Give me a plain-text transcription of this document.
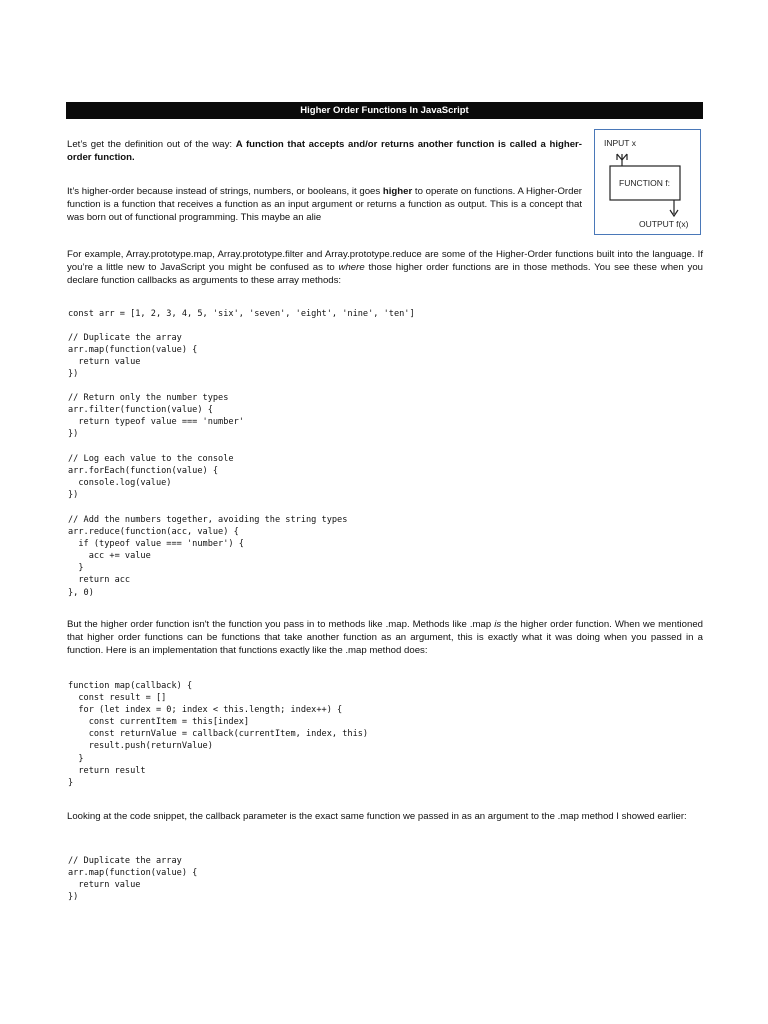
Higher Order Functions In JavaScript

Let’s get the definition out of the way: A function that accepts and/or returns another function is called a higher-order function.

It’s higher-order because instead of strings, numbers, or booleans, it goes higher to operate on functions. A Higher-Order function is a function that receives a function as an input argument or returns a function as output. This is a concept that was born out of functional programming. This maybe an alie

INPUT x
FUNCTION f:
OUTPUT f(x)

For example, Array.prototype.map, Array.prototype.filter and Array.prototype.reduce are some of the Higher-Order functions built into the language. If you’re a little new to JavaScript you might be confused as to where those higher order functions are in those methods. You see these when you declare function callbacks as arguments to these array methods:

const arr = [1, 2, 3, 4, 5, 'six', 'seven', 'eight', 'nine', 'ten']
// Duplicate the array
arr.map(function(value) {
return value
})
// Return only the number types
arr.filter(function(value) {
return typeof value === 'number'
})
// Log each value to the console
arr.forEach(function(value) {
console.log(value)
})
// Add the numbers together, avoiding the string types
arr.reduce(function(acc, value) {
if (typeof value === 'number') {
acc += value
}
return acc
}, 0)

But the higher order function isn't the function you pass in to methods like .map. Methods like .map is the higher order function. When we mentioned that higher order functions can be functions that take another function as an argument, this is exactly what it was doing when you passed in a function. Here is an implementation that functions exactly like the .map method does:

function map(callback) {
const result = []
for (let index = 0; index < this.length; index++) {
const currentItem = this[index]
const returnValue = callback(currentItem, index, this)
result.push(returnValue)
}
return result
}

Looking at the code snippet, the callback parameter is the exact same function we passed in as an argument to the .map method I showed earlier:

// Duplicate the array
arr.map(function(value) {
return value
})
